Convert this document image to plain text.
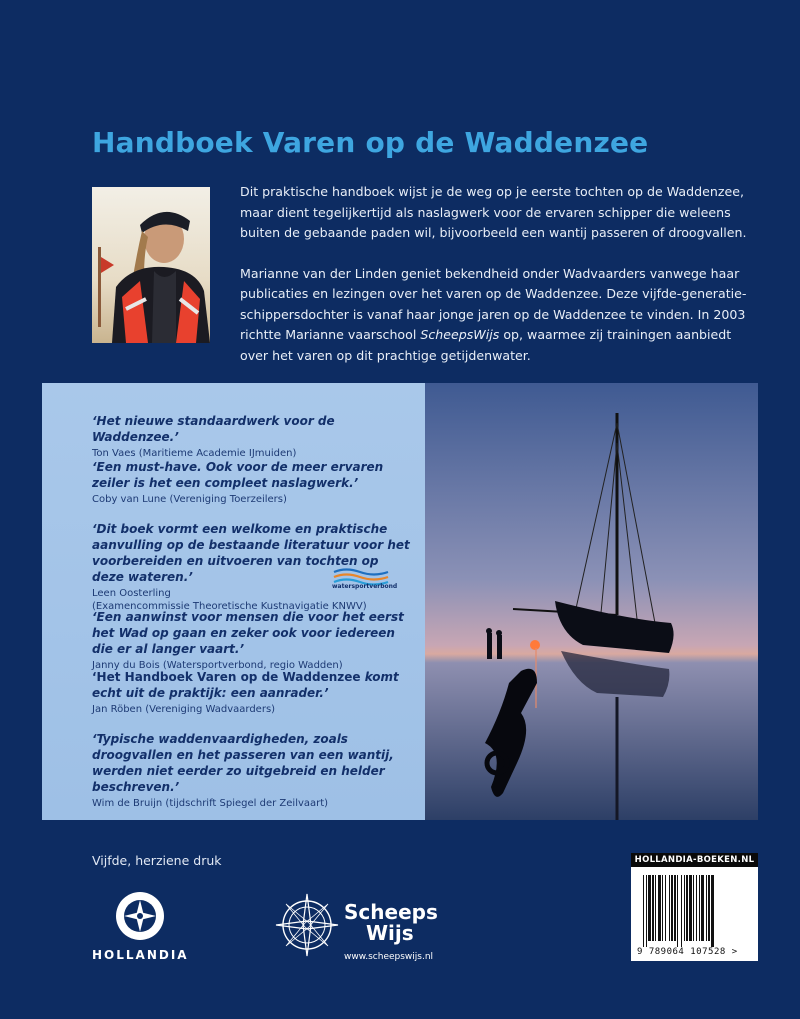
Handboek Varen op de Waddenzee

Dit praktische handboek wijst je de weg op je eerste tochten op de Waddenzee, maar dient tegelijkertijd als naslagwerk voor de ervaren schipper die weleens buiten de gebaande paden wil, bijvoorbeeld een wantij passeren of droogvallen.

Marianne van der Linden geniet bekendheid onder Wadvaarders vanwege haar publicaties en lezingen over het varen op de Waddenzee. Deze vijfde-generatie-schippersdochter is vanaf haar jonge jaren op de Waddenzee te vinden. In 2003 richtte Marianne vaarschool ScheepsWijs op, waarmee zij trainingen aanbiedt over het varen op dit prachtige getijdenwater.

‘Het nieuwe standaardwerk voor de Waddenzee.’
Ton Vaes (Maritieme Academie IJmuiden)
‘Een must-have. Ook voor de meer ervaren zeiler is het een compleet naslagwerk.’
Coby van Lune (Vereniging Toerzeilers)
‘Dit boek vormt een welkome en praktische aanvulling op de bestaande literatuur voor het voorbereiden en uitvoeren van tochten op deze wateren.’
Leen Oosterling
(Examencommissie Theoretische Kustnavigatie KNWV)
watersportverbond
‘Een aanwinst voor mensen die voor het eerst het Wad op gaan en zeker ook voor iedereen die er al langer vaart.’
Janny du Bois (Watersportverbond, regio Wadden)
‘Het Handboek Varen op de Waddenzee komt echt uit de praktijk: een aanrader.’
Jan Röben (Vereniging Wadvaarders)
‘Typische waddenvaardigheden, zoals droogvallen en het passeren van een wantij, werden niet eerder zo uitgebreid en helder beschreven.’
Wim de Bruijn (tijdschrift Spiegel der Zeilvaart)
Vijfde, herziene druk
HOLLANDIA
Scheeps
Wijs
www.scheepswijs.nl
HOLLANDIA-BOEKEN.NL
9 789064 107528 >
